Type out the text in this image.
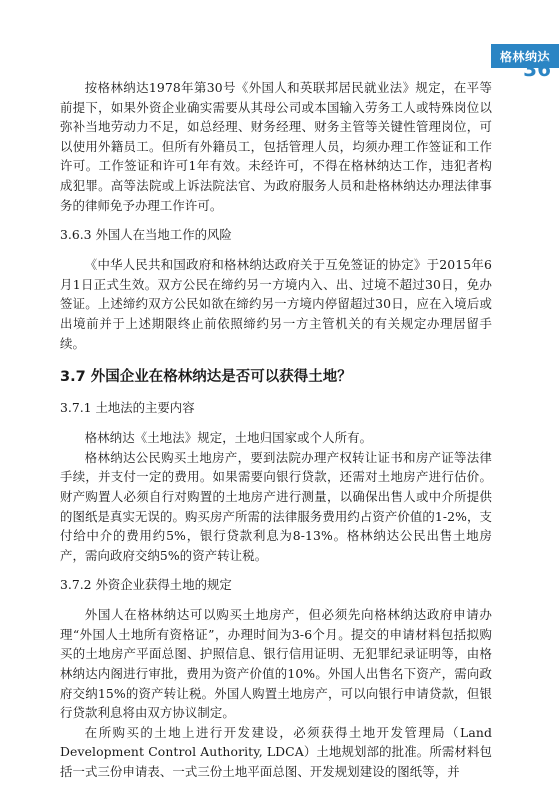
格林纳达
36

按格林纳达1978年第30号《外国人和英联邦居民就业法》规定，在平等前提下，如果外资企业确实需要从其母公司或本国输入劳务工人或特殊岗位以弥补当地劳动力不足，如总经理、财务经理、财务主管等关键性管理岗位，可以使用外籍员工。但所有外籍员工，包括管理人员，均须办理工作签证和工作许可。工作签证和许可1年有效。未经许可，不得在格林纳达工作，违犯者构成犯罪。高等法院或上诉法院法官、为政府服务人员和赴格林纳达办理法律事务的律师免予办理工作许可。

3.6.3 外国人在当地工作的风险

《中华人民共和国政府和格林纳达政府关于互免签证的协定》于2015年6月1日正式生效。双方公民在缔约另一方境内入、出、过境不超过30日，免办签证。上述缔约双方公民如欲在缔约另一方境内停留超过30日，应在入境后或出境前并于上述期限终止前依照缔约另一方主管机关的有关规定办理居留手续。

3.7 外国企业在格林纳达是否可以获得土地？
3.7.1 土地法的主要内容

格林纳达《土地法》规定，土地归国家或个人所有。

格林纳达公民购买土地房产，要到法院办理产权转让证书和房产证等法律手续，并支付一定的费用。如果需要向银行贷款，还需对土地房产进行估价。财产购置人必须自行对购置的土地房产进行测量，以确保出售人或中介所提供的图纸是真实无误的。购买房产所需的法律服务费用约占资产价值的1-2%，支付给中介的费用约5%，银行贷款利息为8-13%。格林纳达公民出售土地房产，需向政府交纳5%的资产转让税。

3.7.2 外资企业获得土地的规定

外国人在格林纳达可以购买土地房产，但必须先向格林纳达政府申请办理“外国人土地所有资格证”，办理时间为3-6个月。提交的申请材料包括拟购买的土地房产平面总图、护照信息、银行信用证明、无犯罪纪录证明等，由格林纳达内阁进行审批，费用为资产价值的10%。外国人出售名下资产，需向政府交纳15%的资产转让税。外国人购置土地房产，可以向银行申请贷款，但银行贷款利息将由双方协议制定。

在所购买的土地上进行开发建设，必须获得土地开发管理局（Land Development Control Authority, LDCA）土地规划部的批准。所需材料包括一式三份申请表、一式三份土地平面总图、开发规划建设的图纸等，并
